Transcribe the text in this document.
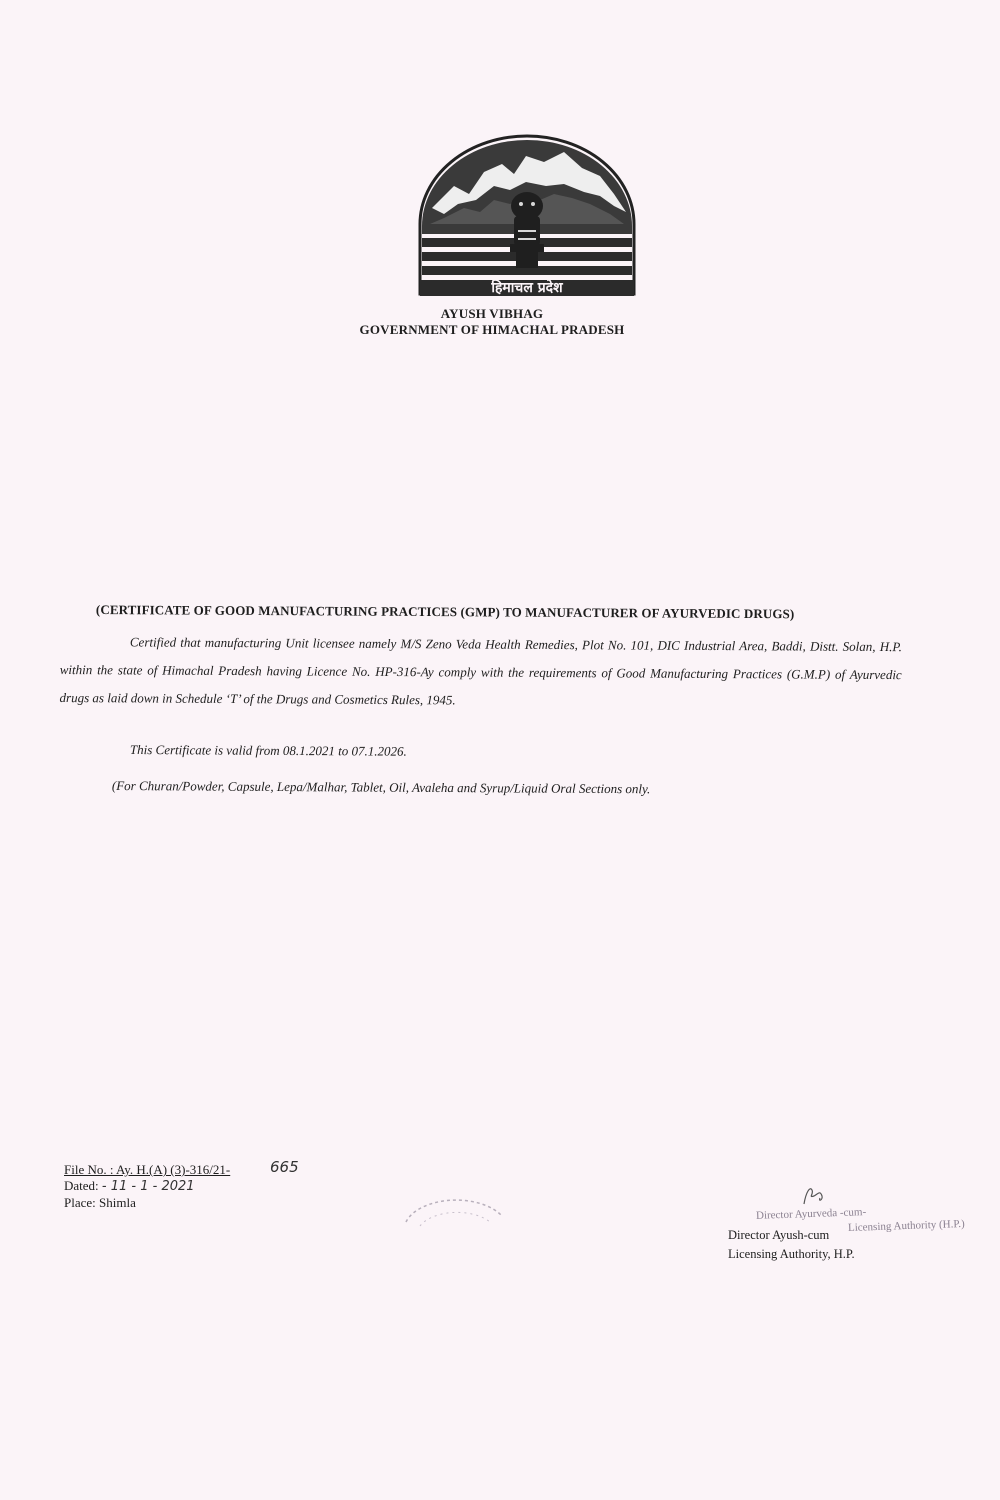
हिमाचल प्रदेश
AYUSH VIBHAG
GOVERNMENT OF HIMACHAL PRADESH
(CERTIFICATE OF GOOD MANUFACTURING PRACTICES (GMP) TO MANUFACTURER OF AYURVEDIC DRUGS)
Certified that manufacturing Unit licensee namely M/S Zeno Veda Health Remedies, Plot No. 101, DIC Industrial Area, Baddi, Distt. Solan, H.P. within the state of Himachal Pradesh having Licence No. HP-316-Ay comply with the requirements of Good Manufacturing Practices (G.M.P) of Ayurvedic drugs as laid down in Schedule ‘T’ of the Drugs and Cosmetics Rules, 1945.
This Certificate is valid from 08.1.2021 to 07.1.2026.
(For Churan/Powder, Capsule, Lepa/Malhar, Tablet, Oil, Avaleha and Syrup/Liquid Oral Sections only.
File No. : Ay. H.(A) (3)-316/21-
Dated: - 11 - 1 - 2021
Place: Shimla
665
Director Ayurveda -cum-
Licensing Authority (H.P.)
Director Ayush-cum
Licensing Authority, H.P.
